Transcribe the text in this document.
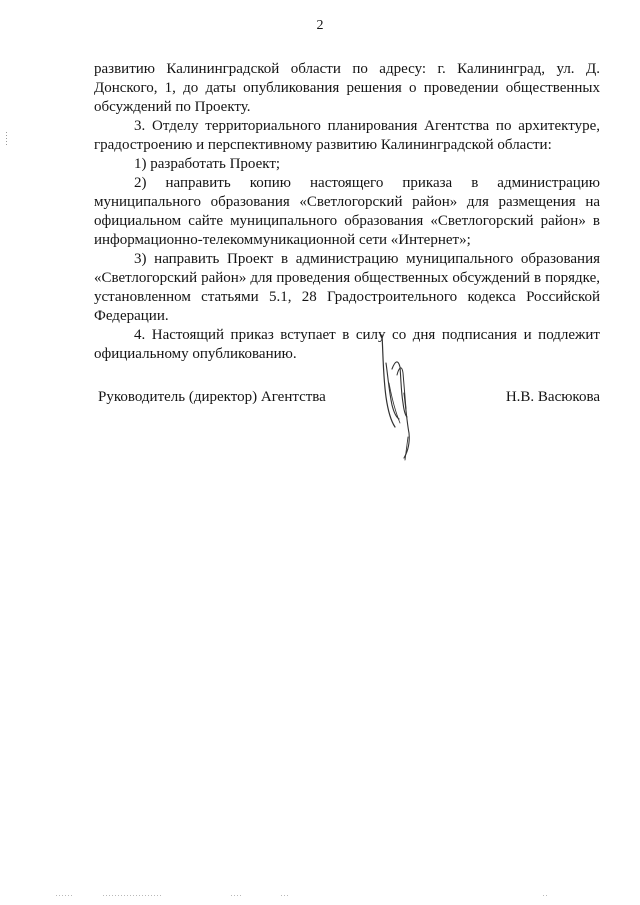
2

развитию Калининградской области по адресу: г. Калининград, ул. Д. Донского, 1, до даты опубликования решения о проведении общественных обсуждений по Проекту.

3. Отделу территориального планирования Агентства по архитектуре, градостроению и перспективному развитию Калининградской области:

1) разработать Проект;

2) направить копию настоящего приказа в администрацию муниципального образования «Светлогорский район» для размещения на официальном сайте муниципального образования «Светлогорский район» в информационно-телекоммуникационной сети «Интернет»;

3) направить Проект в администрацию муниципального образования «Светлогорский район» для проведения общественных обсуждений в порядке, установленном статьями 5.1, 28 Градостроительного кодекса Российской Федерации.

4. Настоящий приказ вступает в силу со дня подписания и подлежит официальному опубликованию.

Руководитель (директор) Агентства	Н.В. Васюкова
